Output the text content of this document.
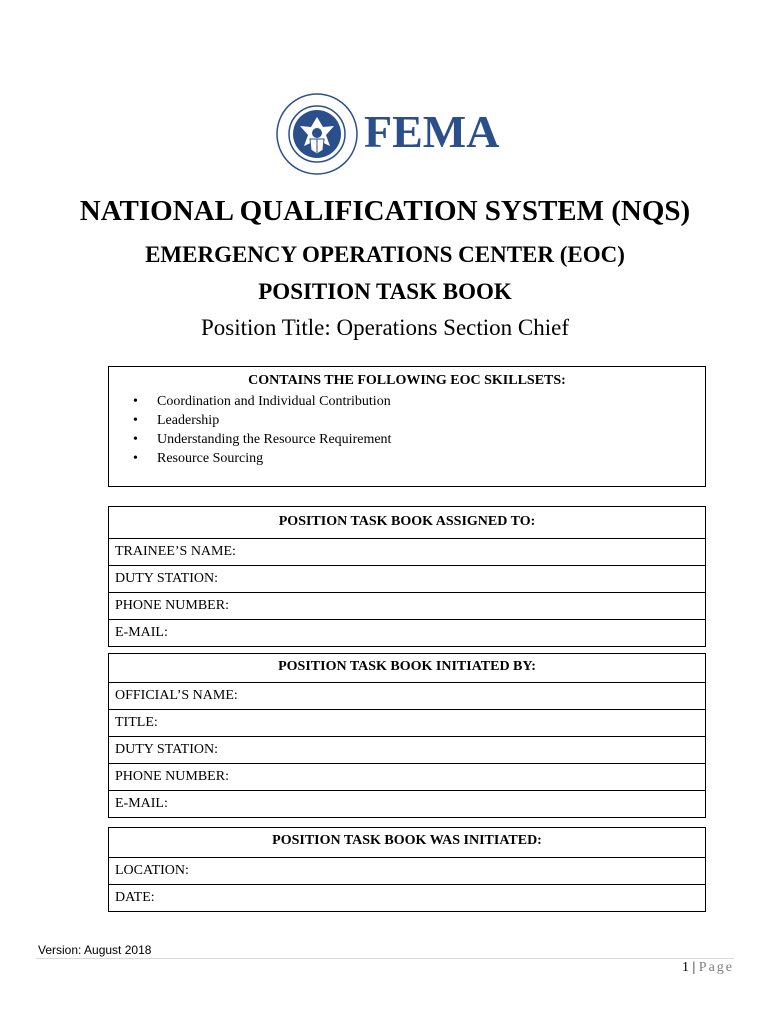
FEMA
NATIONAL QUALIFICATION SYSTEM (NQS)
EMERGENCY OPERATIONS CENTER (EOC)
POSITION TASK BOOK
Position Title: Operations Section Chief
CONTAINS THE FOLLOWING EOC SKILLSETS:
• Coordination and Individual Contribution
• Leadership
• Understanding the Resource Requirement
• Resource Sourcing
POSITION TASK BOOK ASSIGNED TO:
TRAINEE’S NAME:
DUTY STATION:
PHONE NUMBER:
E-MAIL:
POSITION TASK BOOK INITIATED BY:
OFFICIAL’S NAME:
TITLE:
DUTY STATION:
PHONE NUMBER:
E-MAIL:
POSITION TASK BOOK WAS INITIATED:
LOCATION:
DATE:
Version: August 2018
1 | Page
